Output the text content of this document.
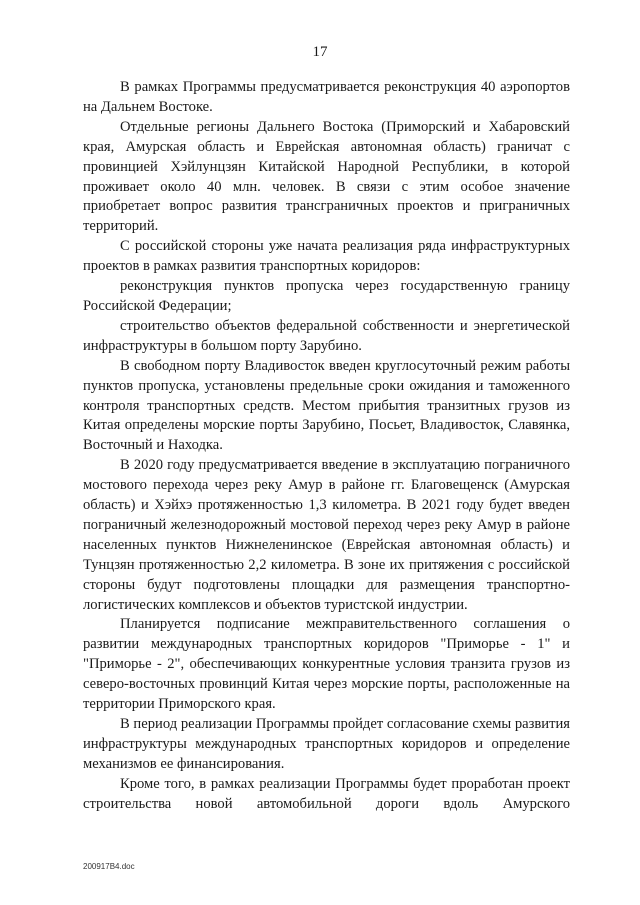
17

В рамках Программы предусматривается реконструкция 40 аэропортов на Дальнем Востоке.

Отдельные регионы Дальнего Востока (Приморский и Хабаровский края, Амурская область и Еврейская автономная область) граничат с провинцией Хэйлунцзян Китайской Народной Республики, в которой проживает около 40 млн. человек. В связи с этим особое значение приобретает вопрос развития трансграничных проектов и приграничных территорий.

С российской стороны уже начата реализация ряда инфраструктурных проектов в рамках развития транспортных коридоров:

реконструкция пунктов пропуска через государственную границу Российской Федерации;

строительство объектов федеральной собственности и энергетической инфраструктуры в большом порту Зарубино.

В свободном порту Владивосток введен круглосуточный режим работы пунктов пропуска, установлены предельные сроки ожидания и таможенного контроля транспортных средств. Местом прибытия транзитных грузов из Китая определены морские порты Зарубино, Посьет, Владивосток, Славянка, Восточный и Находка.

В 2020 году предусматривается введение в эксплуатацию пограничного мостового перехода через реку Амур в районе гг. Благовещенск (Амурская область) и Хэйхэ протяженностью 1,3 километра. В 2021 году будет введен пограничный железнодорожный мостовой переход через реку Амур в районе населенных пунктов Нижнеленинское (Еврейская автономная область) и Тунцзян протяженностью 2,2 километра. В зоне их притяжения с российской стороны будут подготовлены площадки для размещения транспортно-логистических комплексов и объектов туристской индустрии.

Планируется подписание межправительственного соглашения о развитии международных транспортных коридоров "Приморье - 1" и "Приморье - 2", обеспечивающих конкурентные условия транзита грузов из северо-восточных провинций Китая через морские порты, расположенные на территории Приморского края.

В период реализации Программы пройдет согласование схемы развития инфраструктуры международных транспортных коридоров и определение механизмов ее финансирования.

Кроме того, в рамках реализации Программы будет проработан проект строительства новой автомобильной дороги вдоль Амурского

200917В4.doc
